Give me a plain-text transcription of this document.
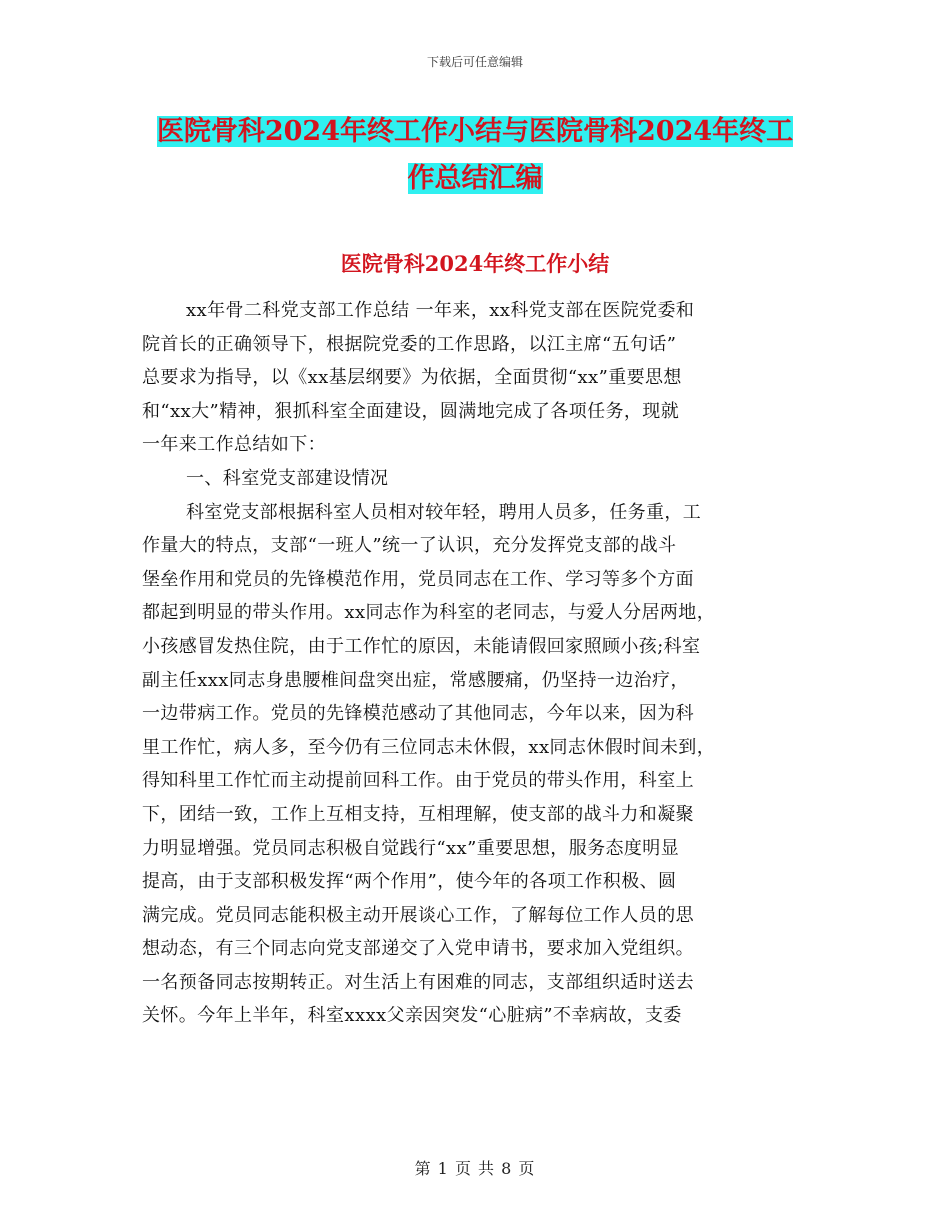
下载后可任意编辑
医院骨科2024年终工作小结与医院骨科2024年终工
作总结汇编
医院骨科2024年终工作小结
xx年骨二科党支部工作总结 一年来，xx科党支部在医院党委和
院首长的正确领导下，根据院党委的工作思路，以江主席“五句话”
总要求为指导，以《xx基层纲要》为依据，全面贯彻“xx”重要思想
和“xx大”精神，狠抓科室全面建设，圆满地完成了各项任务，现就
一年来工作总结如下：
一、科室党支部建设情况
科室党支部根据科室人员相对较年轻，聘用人员多，任务重，工
作量大的特点，支部“一班人”统一了认识，充分发挥党支部的战斗
堡垒作用和党员的先锋模范作用，党员同志在工作、学习等多个方面
都起到明显的带头作用。xx同志作为科室的老同志，与爱人分居两地，
小孩感冒发热住院，由于工作忙的原因，未能请假回家照顾小孩;科室
副主任xxx同志身患腰椎间盘突出症，常感腰痛，仍坚持一边治疗，
一边带病工作。党员的先锋模范感动了其他同志，今年以来，因为科
里工作忙，病人多，至今仍有三位同志未休假，xx同志休假时间未到，
得知科里工作忙而主动提前回科工作。由于党员的带头作用，科室上
下，团结一致，工作上互相支持，互相理解，使支部的战斗力和凝聚
力明显增强。党员同志积极自觉践行“xx”重要思想，服务态度明显
提高，由于支部积极发挥“两个作用”，使今年的各项工作积极、圆
满完成。党员同志能积极主动开展谈心工作，了解每位工作人员的思
想动态，有三个同志向党支部递交了入党申请书，要求加入党组织。
一名预备同志按期转正。对生活上有困难的同志，支部组织适时送去
关怀。今年上半年，科室xxxx父亲因突发“心脏病”不幸病故，支委
第 1 页 共 8 页
